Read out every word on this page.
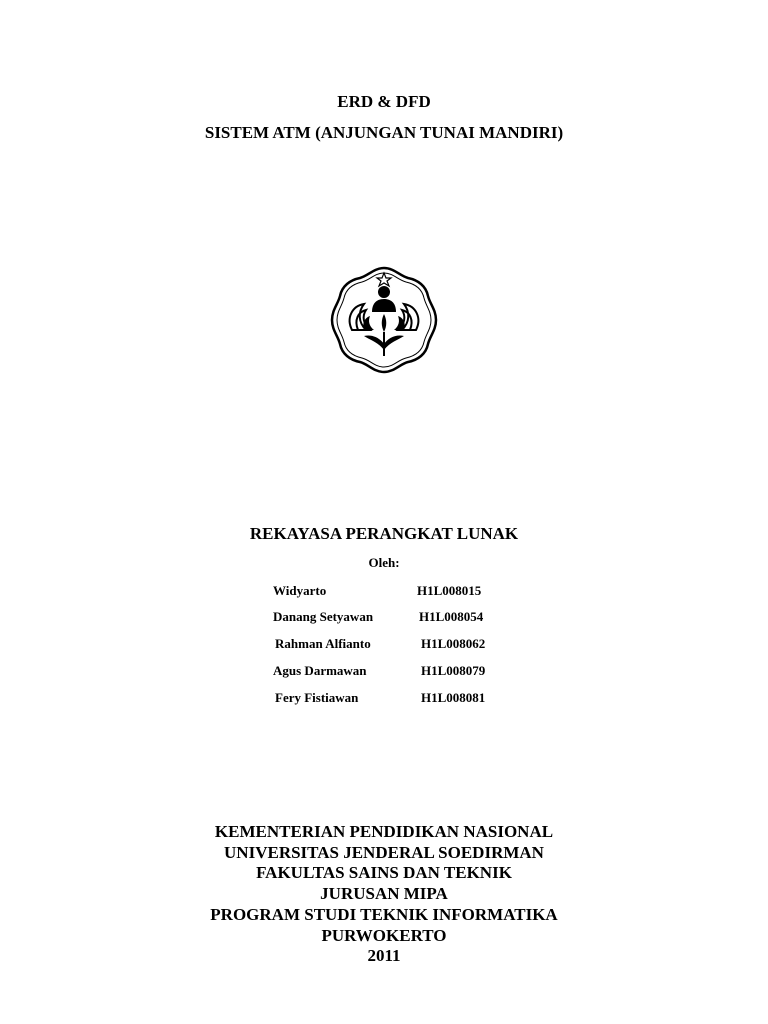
ERD & DFD
SISTEM ATM (ANJUNGAN TUNAI MANDIRI)
REKAYASA PERANGKAT LUNAK
Oleh:
Widyarto	H1L008015
Danang Setyawan	H1L008054
Rahman Alfianto	H1L008062
Agus Darmawan	H1L008079
Fery Fistiawan	H1L008081
KEMENTERIAN PENDIDIKAN NASIONAL
UNIVERSITAS JENDERAL SOEDIRMAN
FAKULTAS SAINS DAN TEKNIK
JURUSAN MIPA
PROGRAM STUDI TEKNIK INFORMATIKA
PURWOKERTO
2011
